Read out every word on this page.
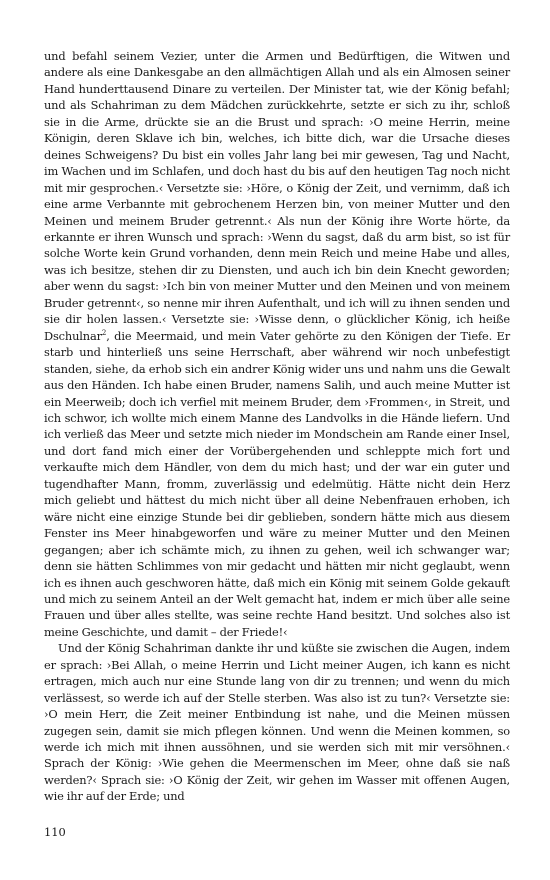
und befahl seinem Vezier, unter die Armen und Bedürftigen, die Witwen und andere als eine Dankesgabe an den allmächtigen Allah und als ein Almosen seiner Hand hunderttausend Dinare zu verteilen. Der Minister tat, wie der König befahl; und als Schahriman zu dem Mädchen zurückkehrte, setzte er sich zu ihr, schloß sie in die Arme, drückte sie an die Brust und sprach: ›O meine Herrin, meine Königin, deren Sklave ich bin, welches, ich bitte dich, war die Ursache dieses deines Schweigens? Du bist ein volles Jahr lang bei mir gewesen, Tag und Nacht, im Wachen und im Schlafen, und doch hast du bis auf den heutigen Tag noch nicht mit mir gesprochen.‹ Versetzte sie: ›Höre, o König der Zeit, und vernimm, daß ich eine arme Verbannte mit gebrochenem Herzen bin, von meiner Mutter und den Meinen und meinem Bruder getrennt.‹ Als nun der König ihre Worte hörte, da erkannte er ihren Wunsch und sprach: ›Wenn du sagst, daß du arm bist, so ist für solche Worte kein Grund vorhanden, denn mein Reich und meine Habe und alles, was ich besitze, stehen dir zu Diensten, und auch ich bin dein Knecht geworden; aber wenn du sagst: ›Ich bin von meiner Mutter und den Meinen und von meinem Bruder getrennt‹, so nenne mir ihren Aufenthalt, und ich will zu ihnen senden und sie dir holen lassen.‹ Versetzte sie: ›Wisse denn, o glücklicher König, ich heiße Dschulnar$^2$, die Meermaid, und mein Vater gehörte zu den Königen der Tiefe. Er starb und hinterließ uns seine Herrschaft, aber während wir noch unbefestigt standen, siehe, da erhob sich ein andrer König wider uns und nahm uns die Gewalt aus den Händen. Ich habe einen Bruder, namens Salih, und auch meine Mutter ist ein Meerweib; doch ich verfiel mit meinem Bruder, dem ›Frommen‹, in Streit, und ich schwor, ich wollte mich einem Manne des Landvolks in die Hände liefern. Und ich verließ das Meer und setzte mich nieder im Mondschein am Rande einer Insel, und dort fand mich einer der Vorübergehenden und schleppte mich fort und verkaufte mich dem Händler, von dem du mich hast; und der war ein guter und tugendhafter Mann, fromm, zuverlässig und edelmütig. Hätte nicht dein Herz mich geliebt und hättest du mich nicht über all deine Nebenfrauen erhoben, ich wäre nicht eine einzige Stunde bei dir geblieben, sondern hätte mich aus diesem Fenster ins Meer hinabgeworfen und wäre zu meiner Mutter und den Meinen gegangen; aber ich schämte mich, zu ihnen zu gehen, weil ich schwanger war; denn sie hätten Schlimmes von mir gedacht und hätten mir nicht geglaubt, wenn ich es ihnen auch geschworen hätte, daß mich ein König mit seinem Golde gekauft und mich zu seinem Anteil an der Welt gemacht hat, indem er mich über alle seine Frauen und über alles stellte, was seine rechte Hand besitzt. Und solches also ist meine Geschichte, und damit – der Friede!‹

Und der König Schahriman dankte ihr und küßte sie zwischen die Augen, indem er sprach: ›Bei Allah, o meine Herrin und Licht meiner Augen, ich kann es nicht ertragen, mich auch nur eine Stunde lang von dir zu trennen; und wenn du mich verlässest, so werde ich auf der Stelle sterben. Was also ist zu tun?‹ Versetzte sie: ›O mein Herr, die Zeit meiner Entbindung ist nahe, und die Meinen müssen zugegen sein, damit sie mich pflegen können. Und wenn die Meinen kommen, so werde ich mich mit ihnen aussöhnen, und sie werden sich mit mir versöhnen.‹ Sprach der König: ›Wie gehen die Meermenschen im Meer, ohne daß sie naß werden?‹ Sprach sie: ›O König der Zeit, wir gehen im Wasser mit offenen Augen, wie ihr auf der Erde; und

110
